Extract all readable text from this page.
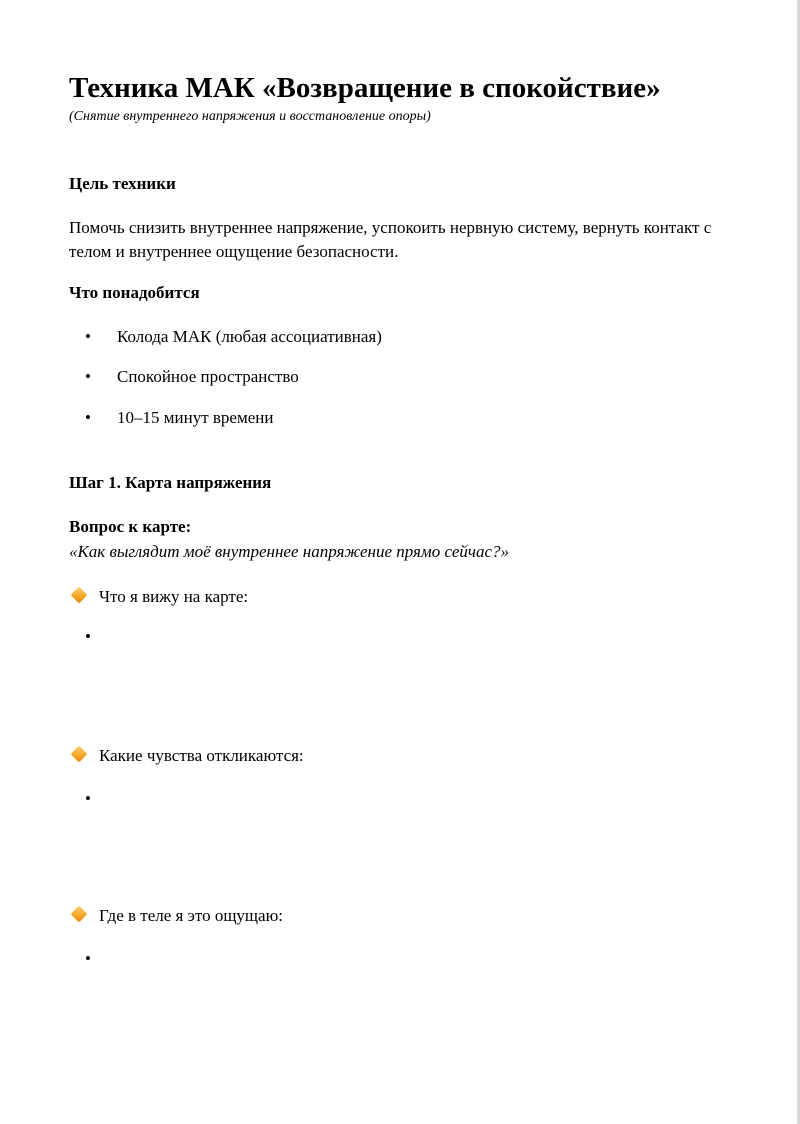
Техника МАК «Возвращение в спокойствие»
(Снятие внутреннего напряжения и восстановление опоры)
Цель техники
Помочь снизить внутреннее напряжение, успокоить нервную систему, вернуть контакт с телом и внутреннее ощущение безопасности.
Что понадобится
• Колода МАК (любая ассоциативная)
• Спокойное пространство
• 10–15 минут времени
Шаг 1. Карта напряжения
Вопрос к карте:
«Как выглядит моё внутреннее напряжение прямо сейчас?»
Что я вижу на карте:
•
Какие чувства откликаются:
•
Где в теле я это ощущаю:
•
